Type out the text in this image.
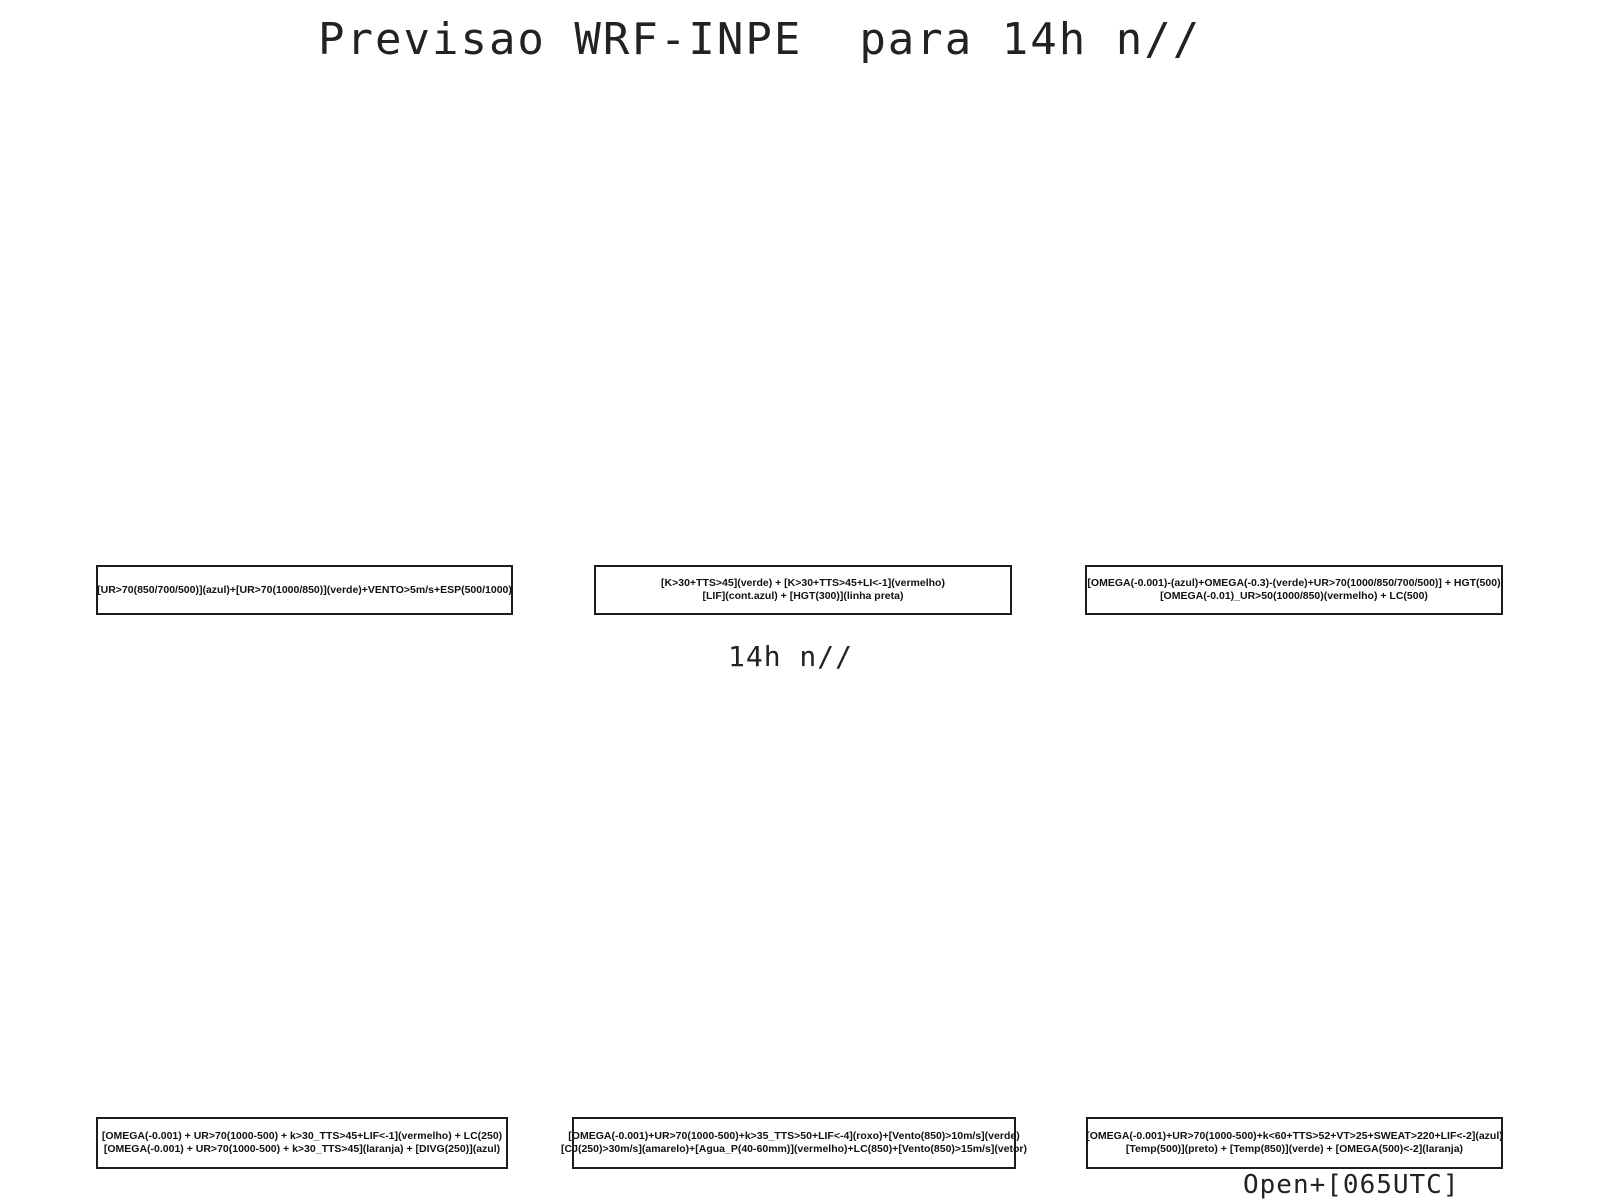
Previsao WRF-INPE  para 14h n//
[UR>70(850/700/500)](azul)+[UR>70(1000/850)](verde)+VENTO>5m/s+ESP(500/1000)
[K>30+TTS>45](verde) + [K>30+TTS>45+LI<-1](vermelho)
[LIF](cont.azul) + [HGT(300)](linha preta)
[OMEGA(-0.001)-(azul)+OMEGA(-0.3)-(verde)+UR>70(1000/850/700/500)] + HGT(500)
[OMEGA(-0.01)_UR>50(1000/850)(vermelho) + LC(500)
14h n//
[OMEGA(-0.001) + UR>70(1000-500) + k>30_TTS>45+LIF<-1](vermelho) + LC(250)
[OMEGA(-0.001) + UR>70(1000-500) + k>30_TTS>45](laranja) + [DIVG(250)](azul)
[OMEGA(-0.001)+UR>70(1000-500)+k>35_TTS>50+LIF<-4](roxo)+[Vento(850)>10m/s](verde)
[CJ(250)>30m/s](amarelo)+[Agua_P(40-60mm)](vermelho)+LC(850)+[Vento(850)>15m/s](vetor)
[OMEGA(-0.001)+UR>70(1000-500)+k<60+TTS>52+VT>25+SWEAT>220+LIF<-2](azul)
[Temp(500)](preto) + [Temp(850)](verde) + [OMEGA(500)<-2](laranja)
Open+[065UTC]
